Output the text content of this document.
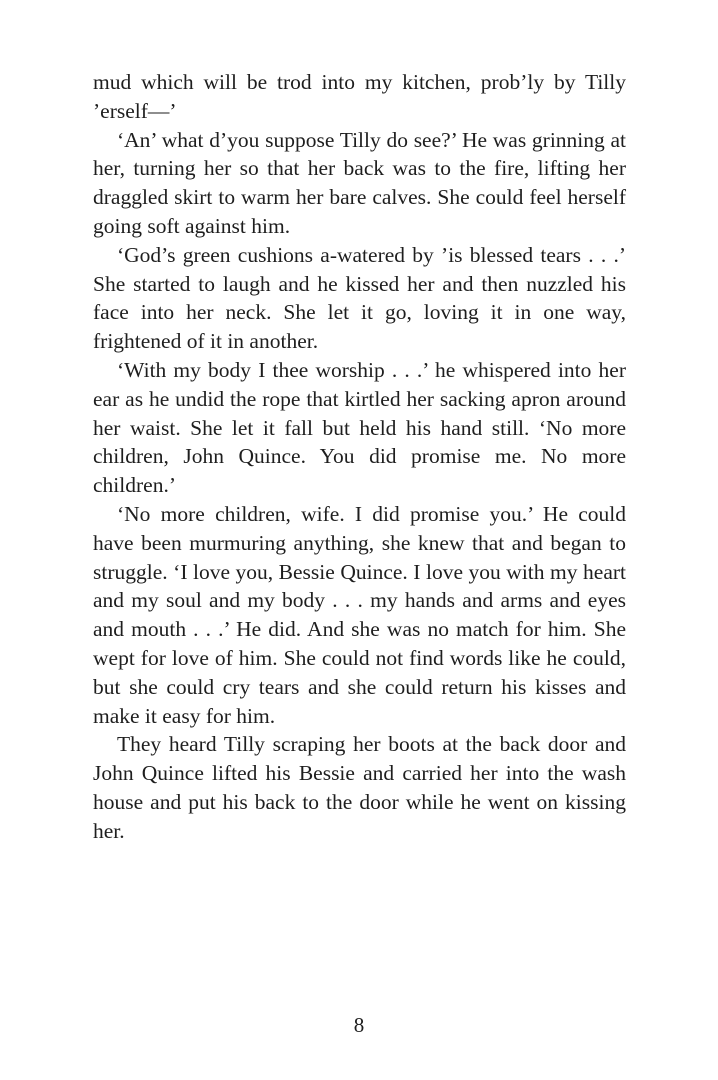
mud which will be trod into my kitchen, prob’ly by Tilly ’erself—’

‘An’ what d’you suppose Tilly do see?’ He was grinning at her, turning her so that her back was to the fire, lifting her draggled skirt to warm her bare calves. She could feel herself going soft against him.

‘God’s green cushions a-watered by ’is blessed tears . . .’ She started to laugh and he kissed her and then nuzzled his face into her neck. She let it go, loving it in one way, frightened of it in another.

‘With my body I thee worship . . .’ he whispered into her ear as he undid the rope that kirtled her sacking apron around her waist. She let it fall but held his hand still. ‘No more children, John Quince. You did promise me. No more children.’

‘No more children, wife. I did promise you.’ He could have been murmuring anything, she knew that and began to struggle. ‘I love you, Bessie Quince. I love you with my heart and my soul and my body . . . my hands and arms and eyes and mouth . . .’ He did. And she was no match for him. She wept for love of him. She could not find words like he could, but she could cry tears and she could return his kisses and make it easy for him.

They heard Tilly scraping her boots at the back door and John Quince lifted his Bessie and carried her into the wash house and put his back to the door while he went on kissing her.

8
